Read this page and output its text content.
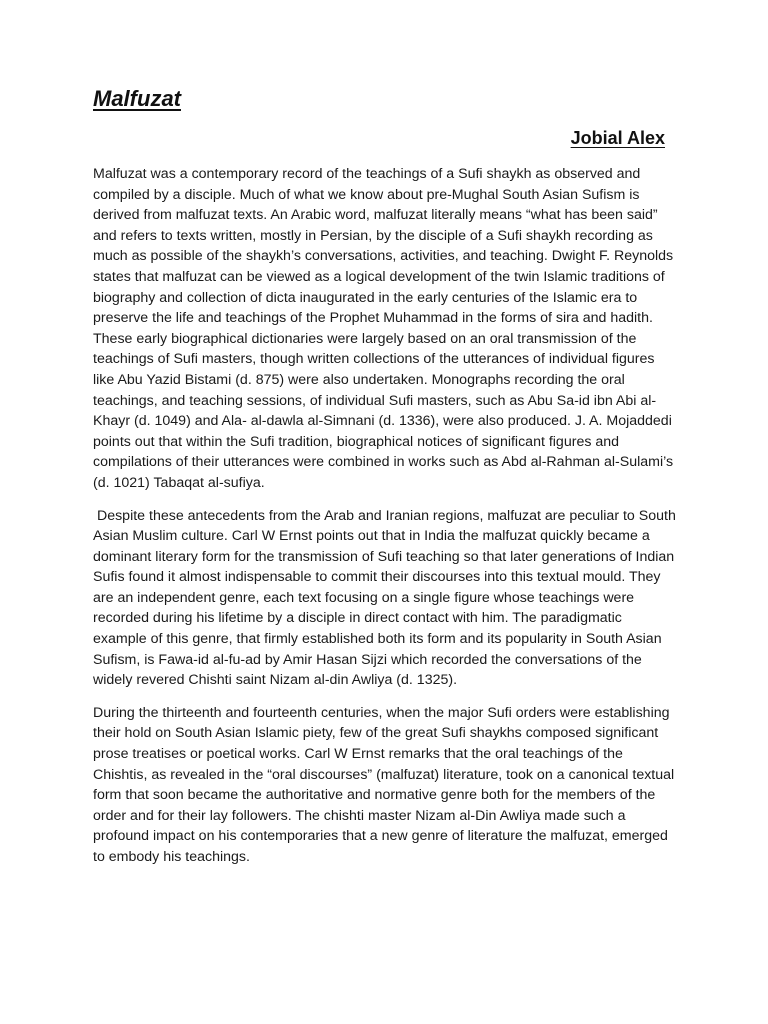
Malfuzat
Jobial Alex

Malfuzat was a contemporary record of the teachings of a Sufi shaykh as observed and compiled by a disciple. Much of what we know about pre-Mughal South Asian Sufism is derived from malfuzat texts. An Arabic word, malfuzat literally means “what has been said” and refers to texts written, mostly in Persian, by the disciple of a Sufi shaykh recording as much as possible of the shaykh’s conversations, activities, and teaching. Dwight F. Reynolds states that malfuzat can be viewed as a logical development of the twin Islamic traditions of biography and collection of dicta inaugurated in the early centuries of the Islamic era to preserve the life and teachings of the Prophet Muhammad in the forms of sira and hadith. These early biographical dictionaries were largely based on an oral transmission of the teachings of Sufi masters, though written collections of the utterances of individual figures like Abu Yazid Bistami (d. 875) were also undertaken. Monographs recording the oral teachings, and teaching sessions, of individual Sufi masters, such as Abu Sa-id ibn Abi al-Khayr (d. 1049) and Ala- al-dawla al-Simnani (d. 1336), were also produced. J. A. Mojaddedi points out that within the Sufi tradition, biographical notices of significant figures and compilations of their utterances were combined in works such as Abd al-Rahman al-Sulami’s (d. 1021) Tabaqat al-sufiya.

Despite these antecedents from the Arab and Iranian regions, malfuzat are peculiar to South Asian Muslim culture. Carl W Ernst points out that in India the malfuzat quickly became a dominant literary form for the transmission of Sufi teaching so that later generations of Indian Sufis found it almost indispensable to commit their discourses into this textual mould. They are an independent genre, each text focusing on a single figure whose teachings were recorded during his lifetime by a disciple in direct contact with him. The paradigmatic example of this genre, that firmly established both its form and its popularity in South Asian Sufism, is Fawa-id al-fu-ad by Amir Hasan Sijzi which recorded the conversations of the widely revered Chishti saint Nizam al-din Awliya (d. 1325).

During the thirteenth and fourteenth centuries, when the major Sufi orders were establishing their hold on South Asian Islamic piety, few of the great Sufi shaykhs composed significant prose treatises or poetical works. Carl W Ernst remarks that the oral teachings of the Chishtis, as revealed in the “oral discourses” (malfuzat) literature, took on a canonical textual form that soon became the authoritative and normative genre both for the members of the order and for their lay followers. The chishti master Nizam al-Din Awliya made such a profound impact on his contemporaries that a new genre of literature the malfuzat, emerged to embody his teachings.
